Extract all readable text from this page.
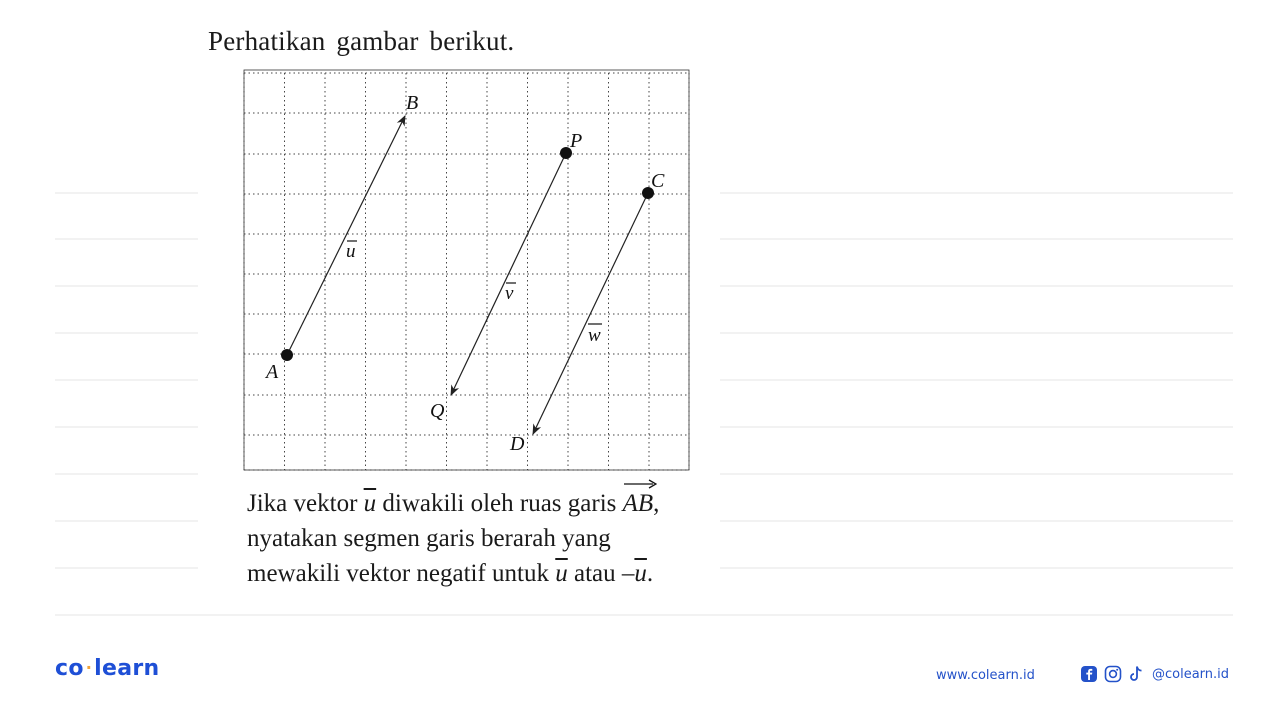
Perhatikan gambar berikut.
A
B
P
C
Q
D
u
v
w

Jika vektor $\overline{u}$ diwakili oleh ruas garis
AB,

nyatakan segmen garis berarah yang

mewakili vektor negatif untuk $\overline{u}$ atau $-\overline{u}$.

co ·learn	www.colearn.id	@colearn.id
